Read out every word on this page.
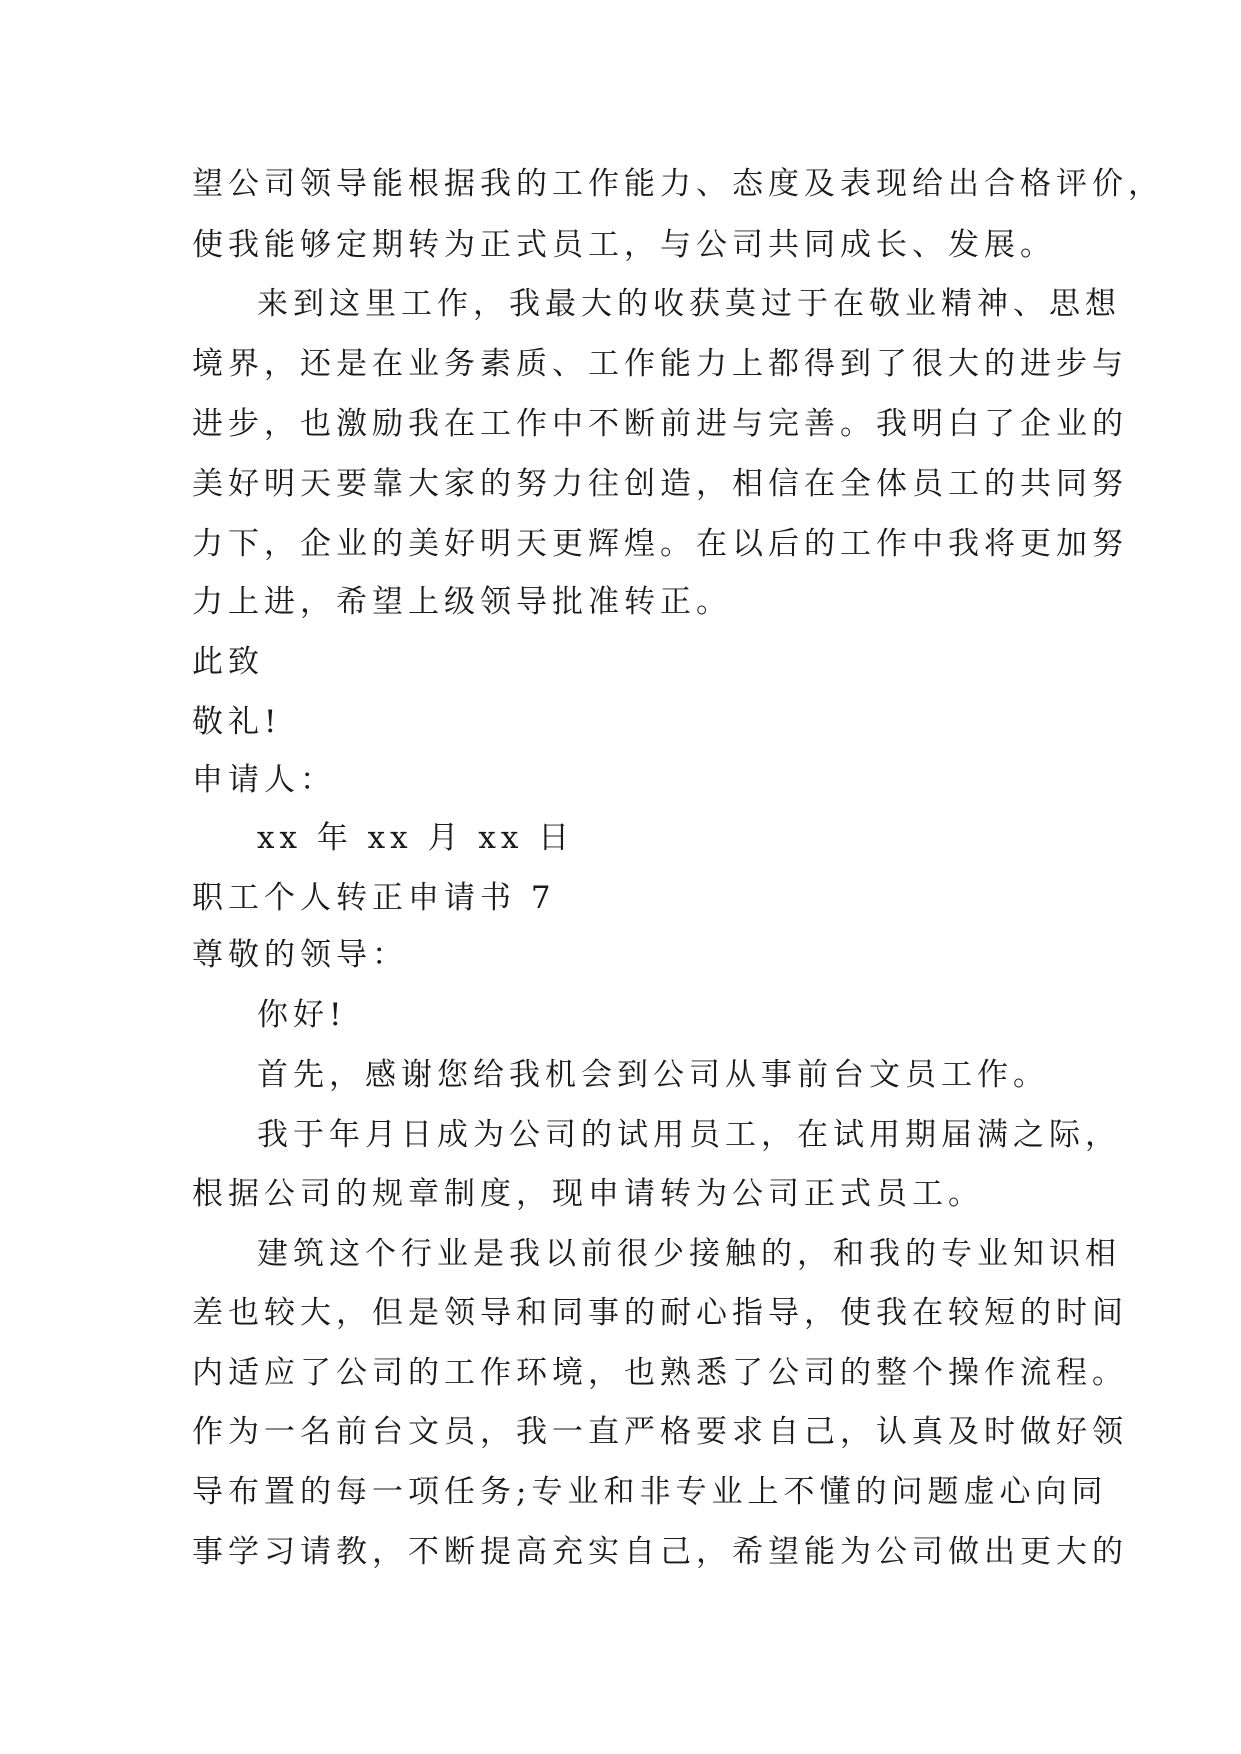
望公司领导能根据我的工作能力、态度及表现给出合格评价，
使我能够定期转为正式员工，与公司共同成长、发展。
来到这里工作，我最大的收获莫过于在敬业精神、思想
境界，还是在业务素质、工作能力上都得到了很大的进步与
进步，也激励我在工作中不断前进与完善。我明白了企业的
美好明天要靠大家的努力往创造，相信在全体员工的共同努
力下，企业的美好明天更辉煌。在以后的工作中我将更加努
力上进，希望上级领导批准转正。
此致
敬礼!
申请人：
xx 年 xx 月 xx 日
职工个人转正申请书 7
尊敬的领导：
你好!
首先，感谢您给我机会到公司从事前台文员工作。
我于年月日成为公司的试用员工，在试用期届满之际，
根据公司的规章制度，现申请转为公司正式员工。
建筑这个行业是我以前很少接触的，和我的专业知识相
差也较大，但是领导和同事的耐心指导，使我在较短的时间
内适应了公司的工作环境，也熟悉了公司的整个操作流程。
作为一名前台文员，我一直严格要求自己，认真及时做好领
导布置的每一项任务;专业和非专业上不懂的问题虚心向同
事学习请教，不断提高充实自己，希望能为公司做出更大的
